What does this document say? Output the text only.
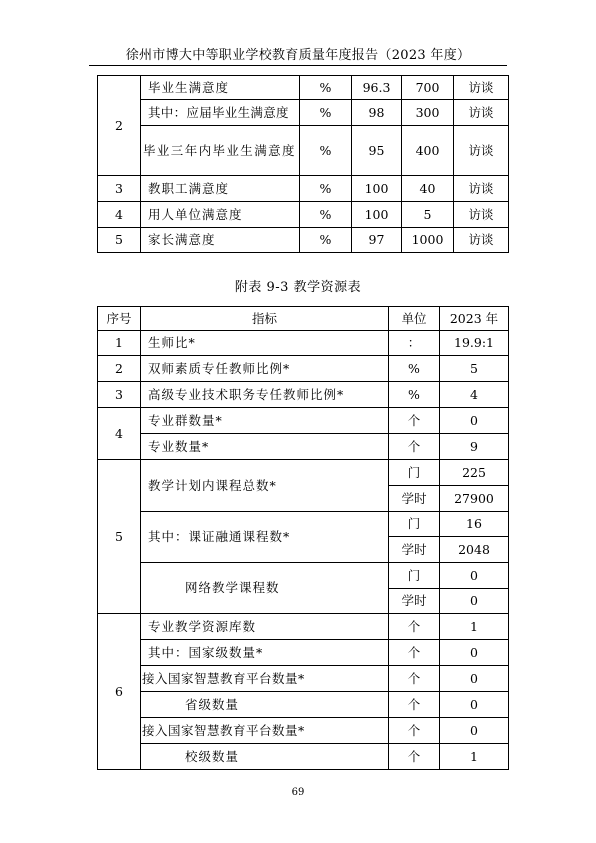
徐州市博大中等职业学校教育质量年度报告（2023 年度）
2	毕业生满意度	%	96.3	700	访谈
	其中：应届毕业生满意度	%	98	300	访谈
	毕业三年内毕业生满意度	%	95	400	访谈
3	教职工满意度	%	100	40	访谈
4	用人单位满意度	%	100	5	访谈
5	家长满意度	%	97	1000	访谈
附表 9-3 教学资源表
序号	指标	单位	2023 年
1	生师比*	：	19.9:1
2	双师素质专任教师比例*	%	5
3	高级专业技术职务专任教师比例*	%	4
4	专业群数量*	个	0
	专业数量*	个	9
5	教学计划内课程总数*	门	225
		学时	27900
	其中：课证融通课程数*	门	16
		学时	2048
	网络教学课程数	门	0
		学时	0
6	专业教学资源库数	个	1
	其中：国家级数量*	个	0
	接入国家智慧教育平台数量*	个	0
	省级数量	个	0
	接入国家智慧教育平台数量*	个	0
	校级数量	个	1
69
